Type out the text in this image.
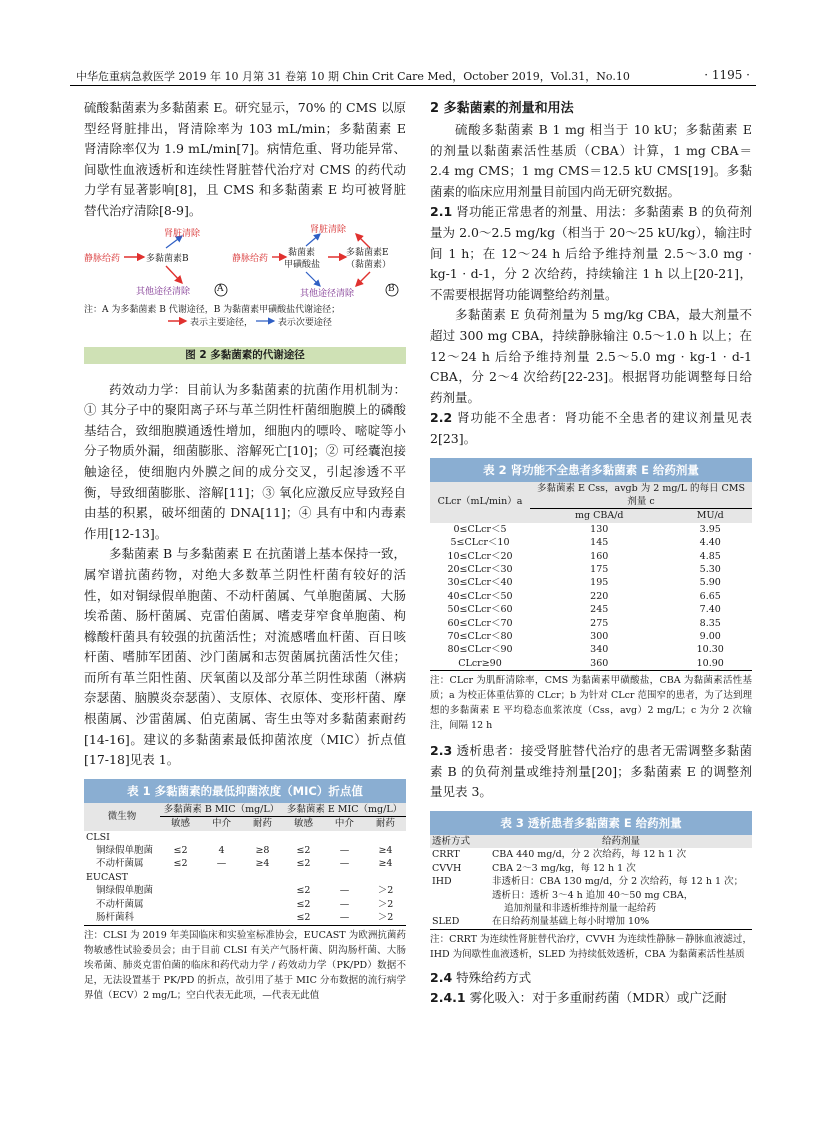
中华危重病急救医学 2019 年 10 月第 31 卷第 10 期 Chin Crit Care Med，October 2019，Vol.31，No.10	· 1195 ·

硫酸黏菌素为多黏菌素 E。研究显示，70% 的 CMS 以原型经肾脏排出，肾清除率为 103 mL/min；多黏菌素 E 肾清除率仅为 1.9 mL/min[7]。病情危重、肾功能异常、间歇性血液透析和连续性肾脏替代治疗对 CMS 的药代动力学有显著影响[8]，且 CMS 和多黏菌素 E 均可被肾脏替代治疗清除[8-9]。

肾脏清除
静脉给药	多黏菌素B
其他途径清除	A
肾脏清除
静脉给药
黏菌素
甲磺酸盐
多黏菌素E
（黏菌素）
其他途径清除	B
注：A 为多黏菌素 B 代谢途径，B 为黏菌素甲磺酸盐代谢途径；
表示主要途径，	表示次要途径
图 2 多黏菌素的代谢途径

药效动力学：目前认为多黏菌素的抗菌作用机制为：① 其分子中的聚阳离子环与革兰阴性杆菌细胞膜上的磷酸基结合，致细胞膜通透性增加，细胞内的嘌呤、嘧啶等小分子物质外漏，细菌膨胀、溶解死亡[10]；② 可经囊泡接触途径，使细胞内外膜之间的成分交叉，引起渗透不平衡，导致细菌膨胀、溶解[11]；③ 氧化应激反应导致羟自由基的积累，破坏细菌的 DNA[11]；④ 具有中和内毒素作用[12-13]。

多黏菌素 B 与多黏菌素 E 在抗菌谱上基本保持一致，属窄谱抗菌药物，对绝大多数革兰阴性杆菌有较好的活性，如对铜绿假单胞菌、不动杆菌属、气单胞菌属、大肠埃希菌、肠杆菌属、克雷伯菌属、嗜麦芽窄食单胞菌、枸橼酸杆菌具有较强的抗菌活性；对流感嗜血杆菌、百日咳杆菌、嗜肺军团菌、沙门菌属和志贺菌属抗菌活性欠佳；而所有革兰阳性菌、厌氧菌以及部分革兰阴性球菌（淋病奈瑟菌、脑膜炎奈瑟菌）、支原体、衣原体、变形杆菌、摩根菌属、沙雷菌属、伯克菌属、寄生虫等对多黏菌素耐药[14-16]。建议的多黏菌素最低抑菌浓度（MIC）折点值[17-18]见表 1。

表 1 多黏菌素的最低抑菌浓度（MIC）折点值
微生物	多黏菌素 B MIC（mg/L）			多黏菌素 E MIC（mg/L）		
	敏感	中介	耐药	敏感	中介	耐药
CLSI						
铜绿假单胞菌	≤2	4	≥8	≤2	—	≥4
不动杆菌属	≤2	—	≥4	≤2	—	≥4
EUCAST						
铜绿假单胞菌				≤2	—	＞2
不动杆菌属				≤2	—	＞2
肠杆菌科				≤2	—	＞2
注：CLSI 为 2019 年美国临床和实验室标准协会，EUCAST 为欧洲抗菌药物敏感性试验委员会；由于目前 CLSI 有关产气肠杆菌、阴沟肠杆菌、大肠埃希菌、肺炎克雷伯菌的临床和药代动力学 / 药效动力学（PK/PD）数据不足，无法设置基于 PK/PD 的折点，故引用了基于 MIC 分布数据的流行病学界值（ECV）2 mg/L；空白代表无此项，—代表无此值
2 多黏菌素的剂量和用法

硫酸多黏菌素 B 1 mg 相当于 10 kU；多黏菌素 E 的剂量以黏菌素活性基质（CBA）计算，1 mg CBA＝2.4 mg CMS；1 mg CMS＝12.5 kU CMS[19]。多黏菌素的临床应用剂量目前国内尚无研究数据。

2.1 肾功能正常患者的剂量、用法：多黏菌素 B 的负荷剂量为 2.0～2.5 mg/kg（相当于 20～25 kU/kg），输注时间 1 h；在 12～24 h 后给予维持剂量 2.5～3.0 mg · kg-1 · d-1，分 2 次给药，持续输注 1 h 以上[20-21]，不需要根据肾功能调整给药剂量。

多黏菌素 E 负荷剂量为 5 mg/kg CBA，最大剂量不超过 300 mg CBA，持续静脉输注 0.5～1.0 h 以上；在 12～24 h 后给予维持剂量 2.5～5.0 mg · kg-1 · d-1 CBA，分 2～4 次给药[22-23]。根据肾功能调整每日给药剂量。

2.2 肾功能不全患者：肾功能不全患者的建议剂量见表 2[23]。

表 2 肾功能不全患者多黏菌素 E 给药剂量
CLcr（mL/min）a	多黏菌素 E Css，avgb 为 2 mg/L 的每日 CMS 剂量 c	
	mg CBA/d	MU/d
0≤CLcr＜5	130	3.95
5≤CLcr＜10	145	4.40
10≤CLcr＜20	160	4.85
20≤CLcr＜30	175	5.30
30≤CLcr＜40	195	5.90
40≤CLcr＜50	220	6.65
50≤CLcr＜60	245	7.40
60≤CLcr＜70	275	8.35
70≤CLcr＜80	300	9.00
80≤CLcr＜90	340	10.30
CLcr≥90	360	10.90
注：CLcr 为肌酐清除率，CMS 为黏菌素甲磺酸盐，CBA 为黏菌素活性基质；a 为校正体重估算的 CLcr；b 为针对 CLcr 范围窄的患者，为了达到理想的多黏菌素 E 平均稳态血浆浓度（Css，avg）2 mg/L；c 为分 2 次输注，间隔 12 h

2.3 透析患者：接受肾脏替代治疗的患者无需调整多黏菌素 B 的负荷剂量或维持剂量[20]；多黏菌素 E 的调整剂量见表 3。

表 3 透析患者多黏菌素 E 给药剂量
透析方式	给药剂量
CRRT	CBA 440 mg/d，分 2 次给药，每 12 h 1 次
CVVH	CBA 2～3 mg/kg，每 12 h 1 次
IHD	非透析日：CBA 130 mg/d，分 2 次给药，每 12 h 1 次；
	透析日：透析 3～4 h 追加 40～50 mg CBA，
	追加剂量和非透析维持剂量一起给药
SLED	在日给药剂量基础上每小时增加 10%
注：CRRT 为连续性肾脏替代治疗，CVVH 为连续性静脉－静脉血液滤过，IHD 为间歇性血液透析，SLED 为持续低效透析，CBA 为黏菌素活性基质

2.4 特殊给药方式

2.4.1 雾化吸入：对于多重耐药菌（MDR）或广泛耐
